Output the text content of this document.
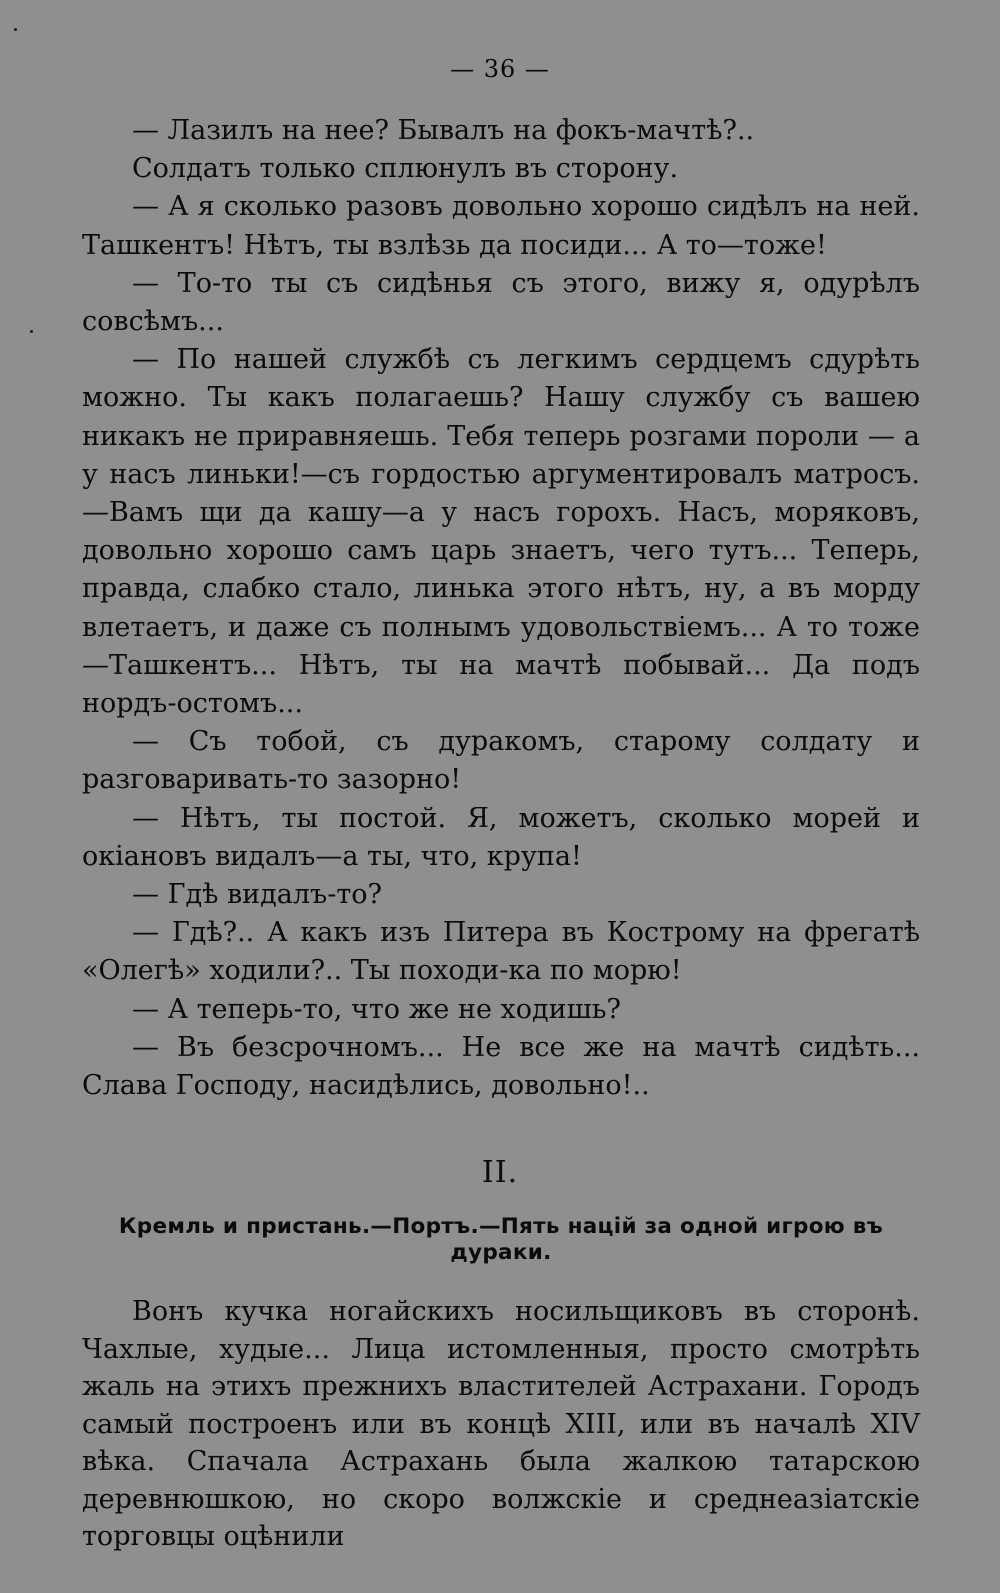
— 36 —

— Лазилъ на нее? Бывалъ на фокъ-мачтѣ?..

Солдатъ только сплюнулъ въ сторону.

— А я сколько разовъ довольно хорошо сидѣлъ на ней. Ташкентъ! Нѣтъ, ты взлѣзь да посиди... А то—тоже!

— То-то ты съ сидѣнья съ этого, вижу я, одурѣлъ совсѣмъ...

— По нашей службѣ съ легкимъ сердцемъ сдурѣть можно. Ты какъ полагаешь? Нашу службу съ вашею никакъ не приравняешь. Тебя теперь розгами пороли — а у насъ линьки!—съ гордостью аргументировалъ матросъ.—Вамъ щи да кашу—а у насъ горохъ. Насъ, моряковъ, довольно хорошо самъ царь знаетъ, чего тутъ... Теперь, правда, слабко стало, линька этого нѣтъ, ну, а въ морду влетаетъ, и даже съ полнымъ удовольствіемъ... А то тоже—Ташкентъ... Нѣтъ, ты на мачтѣ побывай... Да подъ нордъ-остомъ...

— Съ тобой, съ дуракомъ, старому солдату и разговаривать-то зазорно!

— Нѣтъ, ты постой. Я, можетъ, сколько морей и окіановъ видалъ—а ты, что, крупа!

— Гдѣ видалъ-то?

— Гдѣ?.. А какъ изъ Питера въ Кострому на фрегатѣ «Олегѣ» ходили?.. Ты походи-ка по морю!

— А теперь-то, что же не ходишь?

— Въ безсрочномъ... Не все же на мачтѣ сидѣть... Слава Господу, насидѣлись, довольно!..

II.
Кремль и пристань.—Портъ.—Пять націй за одной игрою въ дураки.

Вонъ кучка ногайскихъ носильщиковъ въ сторонѣ. Чахлые, худые... Лица истомленныя, просто смотрѣть жаль на этихъ прежнихъ властителей Астрахани. Городъ самый построенъ или въ концѣ XIII, или въ началѣ XIV вѣка. Спачала Астрахань была жалкою татарскою деревнюшкою, но скоро волжскіе и среднеазіатскіе торговцы оцѣнили
